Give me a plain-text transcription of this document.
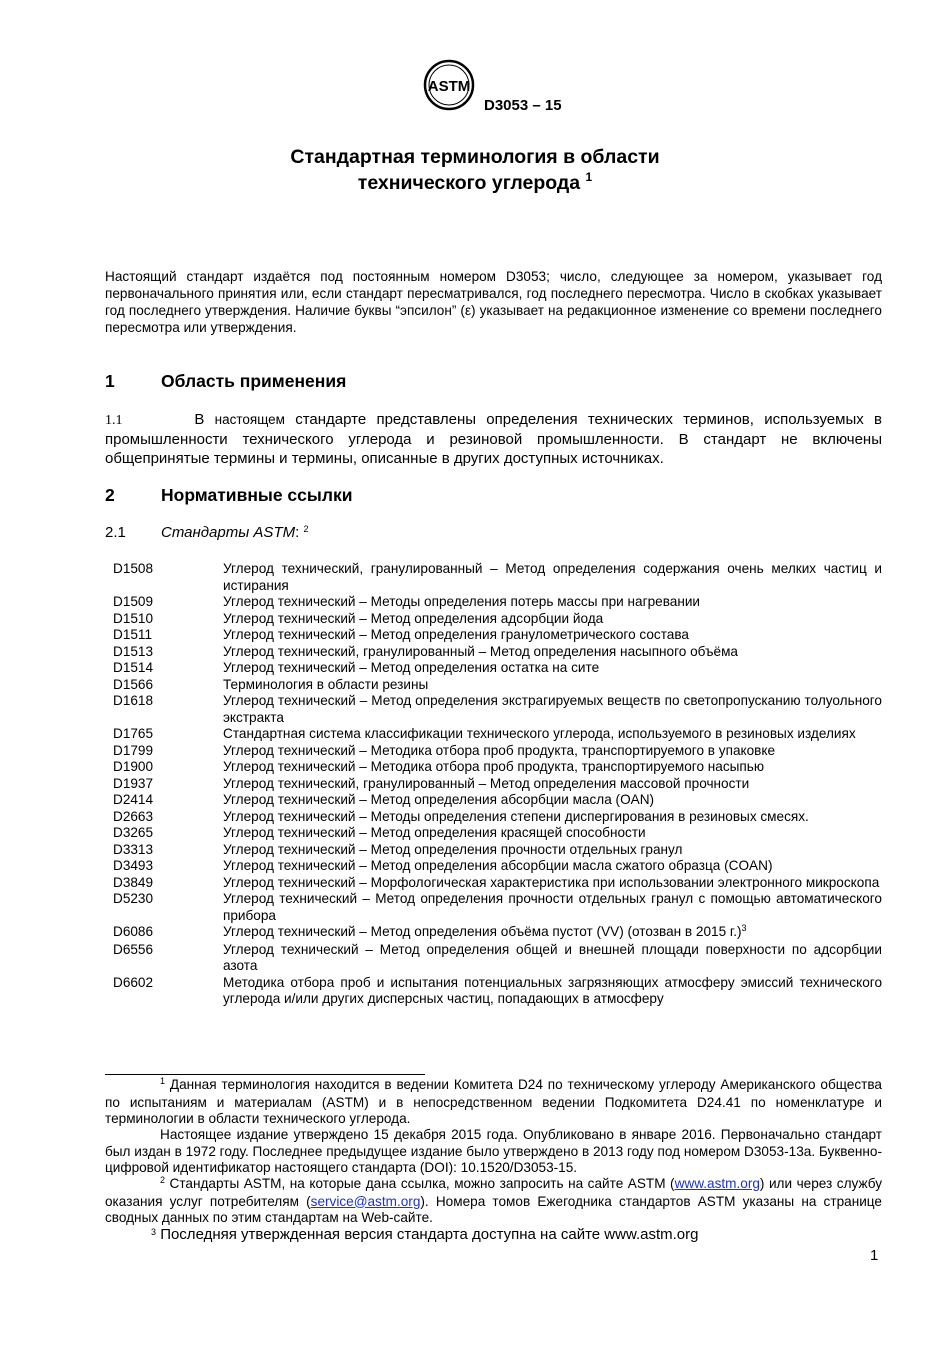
ASTM
D3053 – 15
Стандартная терминология в области
технического углерода $^1$
Настоящий стандарт издаётся под постоянным номером D3053; число, следующее за номером, указывает год первоначального принятия или, если стандарт пересматривался, год последнего пересмотра. Число в скобках указывает год последнего утверждения. Наличие буквы “эпсилон” (ε) указывает на редакционное изменение со времени последнего пересмотра или утверждения.
1	Область применения
1.1	В настоящем стандарте представлены определения технических терминов, используемых в промышленности технического углерода и резиновой промышленности. В стандарт не включены общепринятые термины и термины, описанные в других доступных источниках.
2	Нормативные ссылки
2.1 Стандарты ASTM: $^2$
D1508	Углерод технический, гранулированный – Метод определения содержания очень мелких частиц и истирания
D1509	Углерод технический – Методы определения потерь массы при нагревании
D1510	Углерод технический – Метод определения адсорбции йода
D1511	Углерод технический – Метод определения гранулометрического состава
D1513	Углерод технический, гранулированный – Метод определения насыпного объёма
D1514	Углерод технический – Метод определения остатка на сите
D1566	Терминология в области резины
D1618	Углерод технический – Метод определения экстрагируемых веществ по светопропусканию толуольного экстракта
D1765	Стандартная система классификации технического углерода, используемого в резиновых изделиях
D1799	Углерод технический – Методика отбора проб продукта, транспортируемого в упаковке
D1900	Углерод технический – Методика отбора проб продукта, транспортируемого насыпью
D1937	Углерод технический, гранулированный – Метод определения массовой прочности
D2414	Углерод технический – Метод определения абсорбции масла (OAN)
D2663	Углерод технический – Методы определения степени диспергирования в резиновых смесях.
D3265	Углерод технический – Метод определения красящей способности
D3313	Углерод технический – Метод определения прочности отдельных гранул
D3493	Углерод технический – Метод определения абсорбции масла сжатого образца (COAN)
D3849	Углерод технический – Морфологическая характеристика при использовании электронного микроскопа
D5230	Углерод технический – Метод определения прочности отдельных гранул с помощью автоматического прибора
D6086	Углерод технический – Метод определения объёма пустот (VV) (отозван в 2015 г.)$^3$
D6556	Углерод технический – Метод определения общей и внешней площади поверхности по адсорбции азота
D6602	Методика отбора проб и испытания потенциальных загрязняющих атмосферу эмиссий технического углерода и/или других дисперсных частиц, попадающих в атмосферу
$^1$ Данная терминология находится в ведении Комитета D24 по техническому углероду Американского общества по испытаниям и материалам (ASTM) и в непосредственном ведении Подкомитета D24.41 по номенклатуре и терминологии в области технического углерода.
Настоящее издание утверждено 15 декабря 2015 года. Опубликовано в январе 2016. Первоначально стандарт был издан в 1972 году. Последнее предыдущее издание было утверждено в 2013 году под номером D3053-13a. Буквенно-цифровой идентификатор настоящего стандарта (DOI): 10.1520/D3053-15.
$^2$ Стандарты ASTM, на которые дана ссылка, можно запросить на сайте ASTM (www.astm.org) или через службу оказания услуг потребителям (service@astm.org). Номера томов Ежегодника стандартов ASTM указаны на странице сводных данных по этим стандартам на Web-сайте.
$^3$ Последняя утвержденная версия стандарта доступна на сайте www.astm.org
1
